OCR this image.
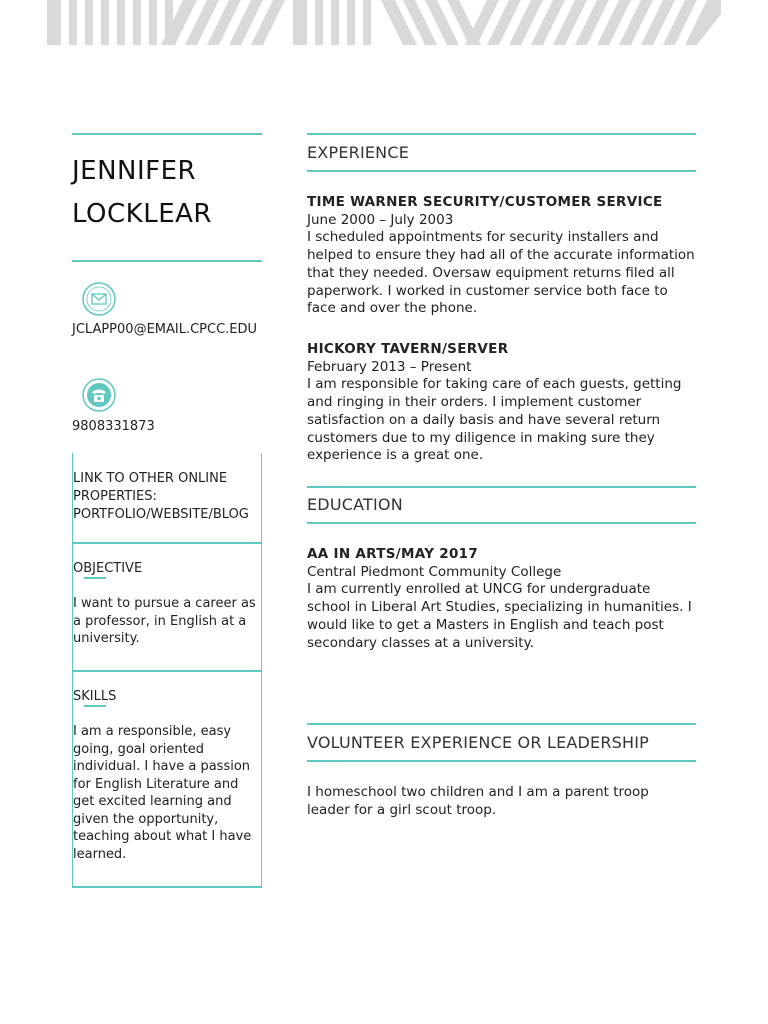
JENNIFER
LOCKLEAR
JCLAPP00@EMAIL.CPCC.EDU
9808331873
LINK TO OTHER ONLINE PROPERTIES: PORTFOLIO/WEBSITE/BLOG
OBJECTIVE
I want to pursue a career as a professor, in English at a university.
SKILLS
I am a responsible, easy going, goal oriented individual. I have a passion for English Literature and get excited learning and given the opportunity, teaching about what I have learned.
EXPERIENCE
TIME WARNER SECURITY/CUSTOMER SERVICE
June 2000 – July 2003
I scheduled appointments for security installers and helped to ensure they had all of the accurate information that they needed. Oversaw equipment returns filed all paperwork. I worked in customer service both face to face and over the phone.
HICKORY TAVERN/SERVER
February 2013 – Present
I am responsible for taking care of each guests, getting and ringing in their orders. I implement customer satisfaction on a daily basis and have several return customers due to my diligence in making sure they experience is a great one.
EDUCATION
AA IN ARTS/MAY 2017
Central Piedmont Community College
I am currently enrolled at UNCG for undergraduate school in Liberal Art Studies, specializing in humanities. I would like to get a Masters in English and teach post secondary classes at a university.
VOLUNTEER EXPERIENCE OR LEADERSHIP
I homeschool two children and I am a parent troop leader for a girl scout troop.
